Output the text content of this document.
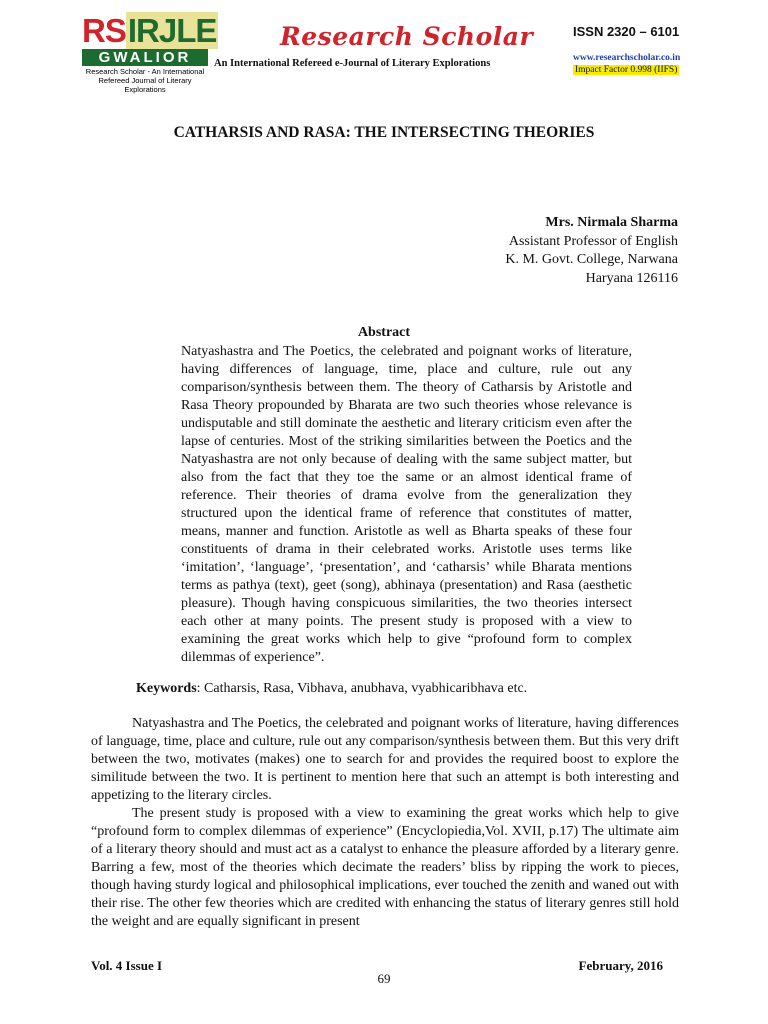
RSIRJLE
GWALIOR
Research Scholar - An International
Refereed Journal of Literary Explorations
Research Scholar
An International Refereed e-Journal of Literary Explorations
ISSN 2320 – 6101
www.researchscholar.co.in
Impact Factor 0.998 (IIFS)
CATHARSIS AND RASA: THE INTERSECTING THEORIES
Mrs. Nirmala Sharma
Assistant Professor of English
K. M. Govt. College, Narwana
Haryana 126116
Abstract

Natyashastra and The Poetics, the celebrated and poignant works of literature, having differences of language, time, place and culture, rule out any comparison/synthesis between them. The theory of Catharsis by Aristotle and Rasa Theory propounded by Bharata are two such theories whose relevance is undisputable and still dominate the aesthetic and literary criticism even after the lapse of centuries. Most of the striking similarities between the Poetics and the Natyashastra are not only because of dealing with the same subject matter, but also from the fact that they toe the same or an almost identical frame of reference. Their theories of drama evolve from the generalization they structured upon the identical frame of reference that constitutes of matter, means, manner and function. Aristotle as well as Bharta speaks of these four constituents of drama in their celebrated works. Aristotle uses terms like ‘imitation’, ‘language’, ‘presentation’, and ‘catharsis’ while Bharata mentions terms as pathya (text), geet (song), abhinaya (presentation) and Rasa (aesthetic pleasure). Though having conspicuous similarities, the two theories intersect each other at many points. The present study is proposed with a view to examining the great works which help to give “profound form to complex dilemmas of experience”.

Keywords: Catharsis, Rasa, Vibhava, anubhava, vyabhicaribhava etc.

Natyashastra and The Poetics, the celebrated and poignant works of literature, having differences of language, time, place and culture, rule out any comparison/synthesis between them. But this very drift between the two, motivates (makes) one to search for and provides the required boost to explore the similitude between the two. It is pertinent to mention here that such an attempt is both interesting and appetizing to the literary circles.

The present study is proposed with a view to examining the great works which help to give “profound form to complex dilemmas of experience” (Encyclopiedia,Vol. XVII, p.17) The ultimate aim of a literary theory should and must act as a catalyst to enhance the pleasure afforded by a literary genre. Barring a few, most of the theories which decimate the readers’ bliss by ripping the work to pieces, though having sturdy logical and philosophical implications, ever touched the zenith and waned out with their rise. The other few theories which are credited with enhancing the status of literary genres still hold the weight and are equally significant in present

Vol. 4 Issue I	February, 2016
69
